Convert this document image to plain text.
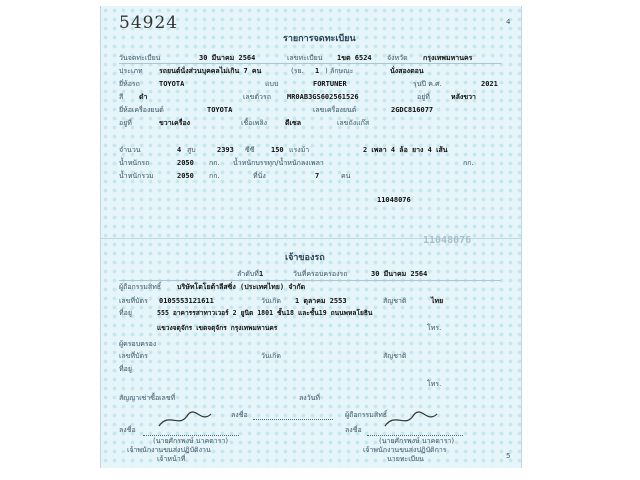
54924	4
รายการจดทะเบียน
วันจดทะเบียน	30 มีนาคม 2564	เลขทะเบียน 1ขต 6524 จังหวัด กรุงเทพมหานคร
ประเภท รถยนต์นั่งส่วนบุคคลไม่เกิน 7 คน	(รย. 1 ) ลักษณะ	นั่งสองตอน
ยี่ห้อรถ	TOYOTA	แบบ	FORTUNER	รุ่นปี ค.ศ.	2021
สี ดำ	เลขตัวรถ MR0AB3GS602561526	อยู่ที่	หลังขวา
ยี่ห้อเครื่องยนต์	TOYOTA	เลขเครื่องยนต์	2GDC816077
อยู่ที่	ขวาเครื่อง	เชื้อเพลิง	ดีเซล	เลขถังแก๊ส
จำนวน	4 สูบ	2393 ซีซี 150 แรงม้า	2 เพลา 4 ล้อ ยาง 4 เส้น
น้ำหนักรถ	2050 กก. น้ำหนักบรรทุก/น้ำหนักลงเพลา	กก.
น้ำหนักรวม	2050 กก.	ที่นั่ง	7	คน
11048076
11048076
เจ้าของรถ
ลำดับที่ 1	วันที่ครอบครองรถ	30 มีนาคม 2564
ผู้ถือกรรมสิทธิ์ บริษัทโตโยต้าลีสซิ่ง (ประเทศไทย) จำกัด
เลขที่บัตร 0105553121611	วันเกิด 1 ตุลาคม 2553	สัญชาติ	ไทย
ที่อยู่	555 อาคารรสาทาวเวอร์ 2 ยูนิต 1801 ชั้น18 และชั้น19 ถนนพหลโยธิน
แขวงจตุจักร เขตจตุจักร กรุงเทพมหานคร	โทร.
ผู้ครอบครอง
เลขที่บัตร	วันเกิด	สัญชาติ
ที่อยู่
โทร.
สัญญาเช่าซื้อเลขที่	ลงวันที่
ลงชื่อ	ผู้ถือกรรมสิทธิ์
ลงชื่อ
(นายศักรพงษ์ นาคดารา)
เจ้าพนักงานขนส่งปฏิบัติงาน
เจ้าหน้าที่
ลงชื่อ
(นายศักรพงษ์ นาคดารา)
เจ้าพนักงานขนส่งปฏิบัติการ
นายทะเบียน	5
